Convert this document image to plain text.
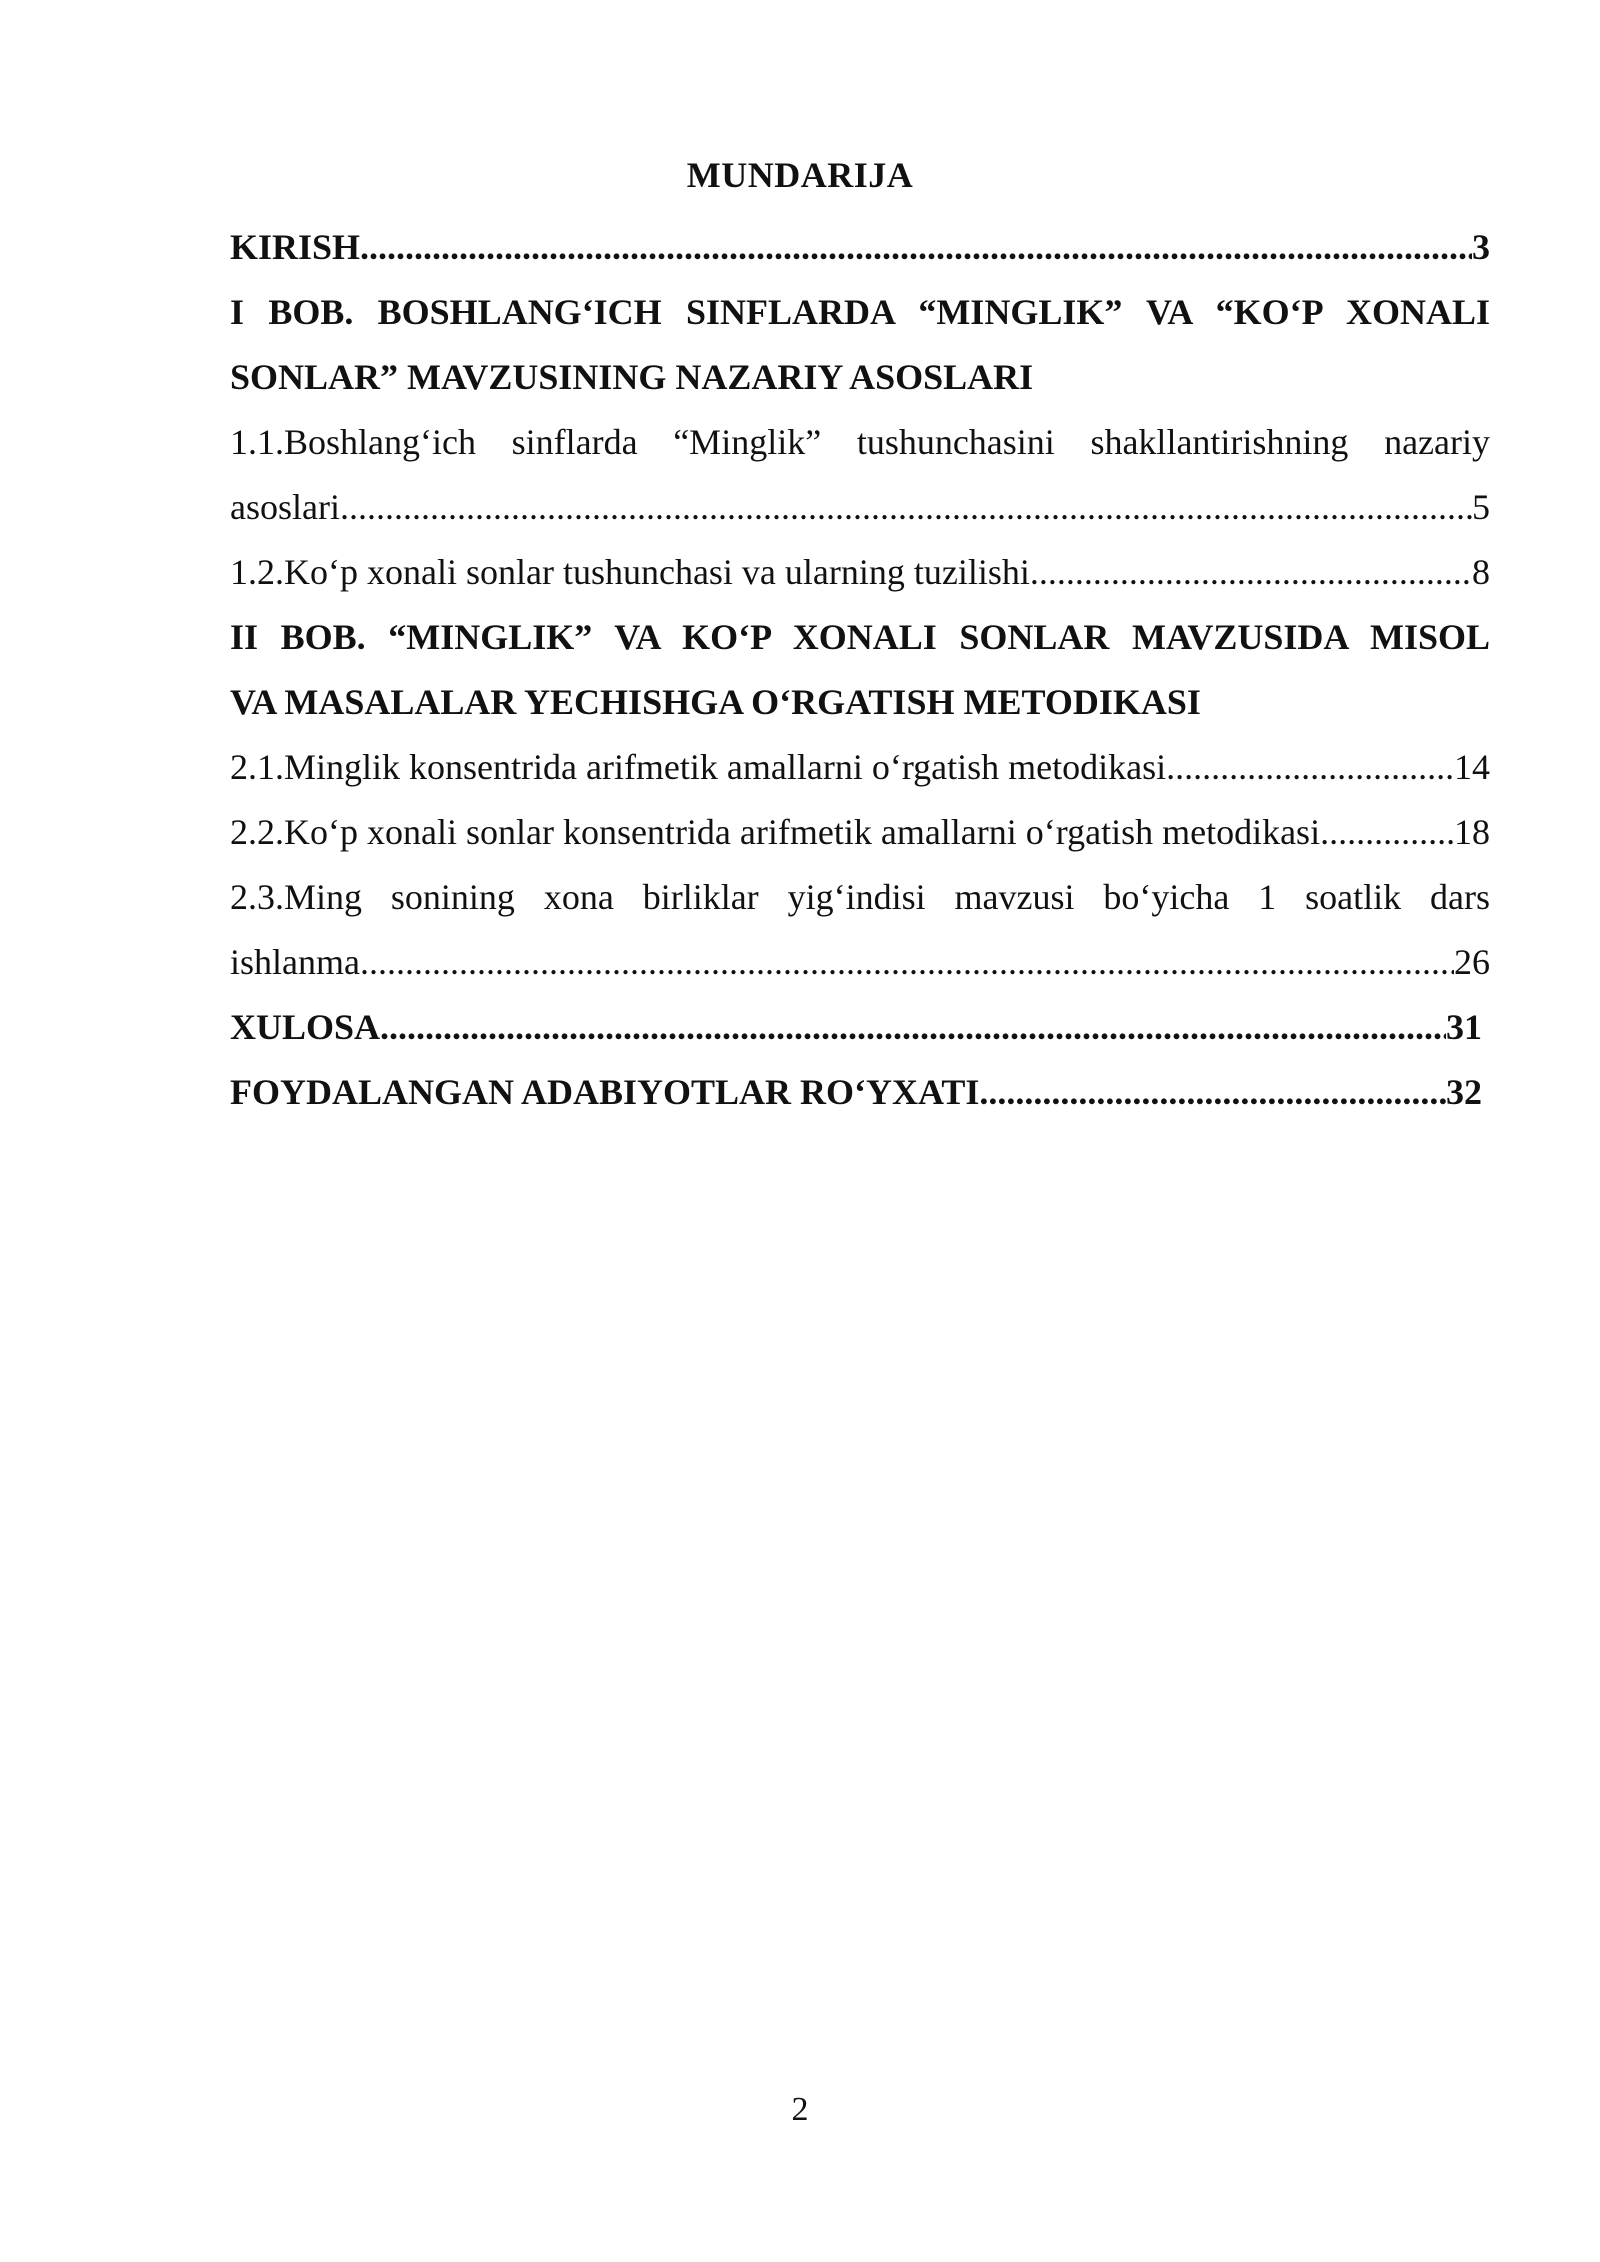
MUNDARIJA
KIRISH .....	3
I BOB. BOSHLANG‘ICH SINFLARDA “MINGLIK” VA “KO‘P XONALI
SONLAR” MAVZUSINING NAZARIY ASOSLARI
1.1.Boshlang‘ich sinflarda “Minglik” tushunchasini shakllantirishning nazariy
asoslari .....	5
1.2.Ko‘p xonali sonlar tushunchasi va ularning tuzilishi .....	8
II BOB. “MINGLIK” VA KO‘P XONALI SONLAR MAVZUSIDA MISOL
VA MASALALAR YECHISHGA O‘RGATISH METODIKASI
2.1.Minglik konsentrida arifmetik amallarni o‘rgatish metodikasi .....	14
2.2.Ko‘p xonali sonlar konsentrida arifmetik amallarni o‘rgatish metodikasi .....	18
2.3.Ming sonining xona birliklar yig‘indisi mavzusi bo‘yicha 1 soatlik dars
ishlanma .....	26
XULOSA .....	31
FOYDALANGAN ADABIYOTLAR RO‘YXATI .....	32
2
